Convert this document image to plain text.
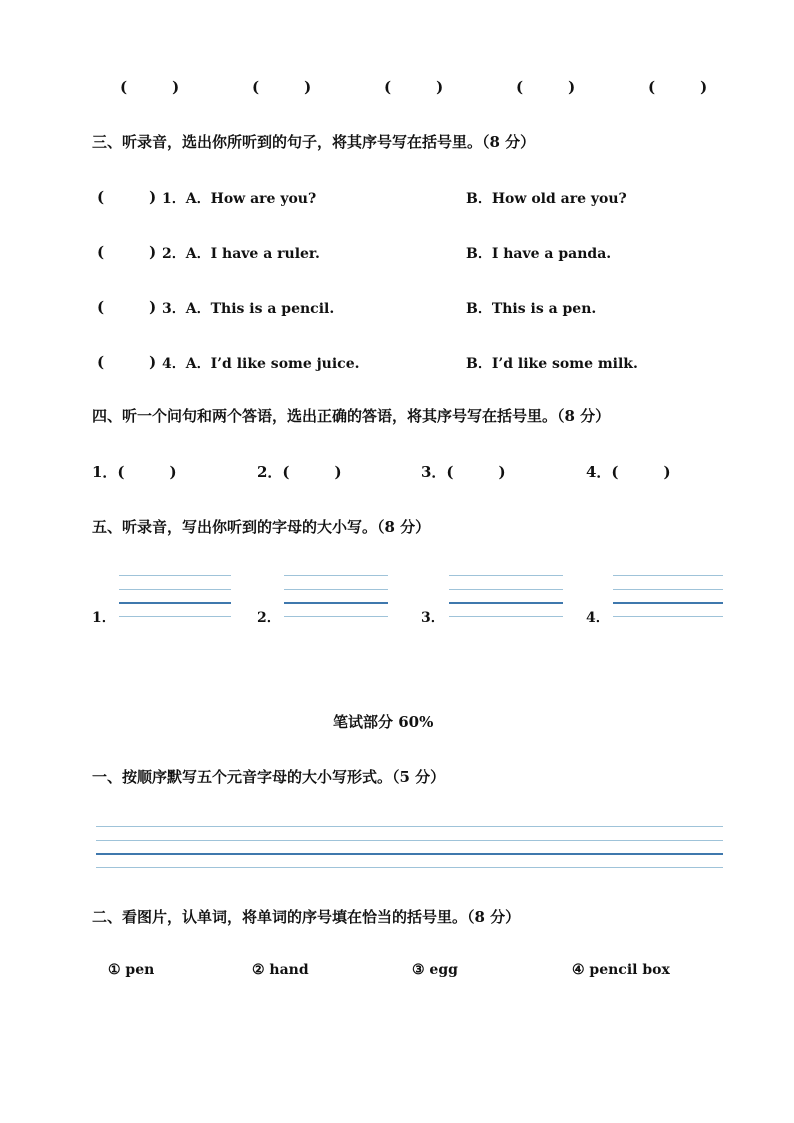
(　　　)	(　　　)	(　　　)	(　　　)	(　　　)
三、听录音，选出你所听到的句子，将其序号写在括号里。（8 分）
(　　　) 1．A．How are you?	B．How old are you?
(　　　) 2．A．I have a ruler.	B．I have a panda.
(　　　) 3．A．This is a pencil.	B．This is a pen.
(　　　) 4．A．I’d like some juice.	B．I’d like some milk.
四、听一个问句和两个答语，选出正确的答语，将其序号写在括号里。（8 分）
1．(　　　)	2．(　　　)	3．(　　　)	4．(　　　)
五、听录音，写出你听到的字母的大小写。（8 分）
1．	2．	3．	4．
笔试部分 60%
一、按顺序默写五个元音字母的大小写形式。（5 分）
二、看图片，认单词，将单词的序号填在恰当的括号里。（8 分）
① pen	② hand	③ egg	④ pencil box
